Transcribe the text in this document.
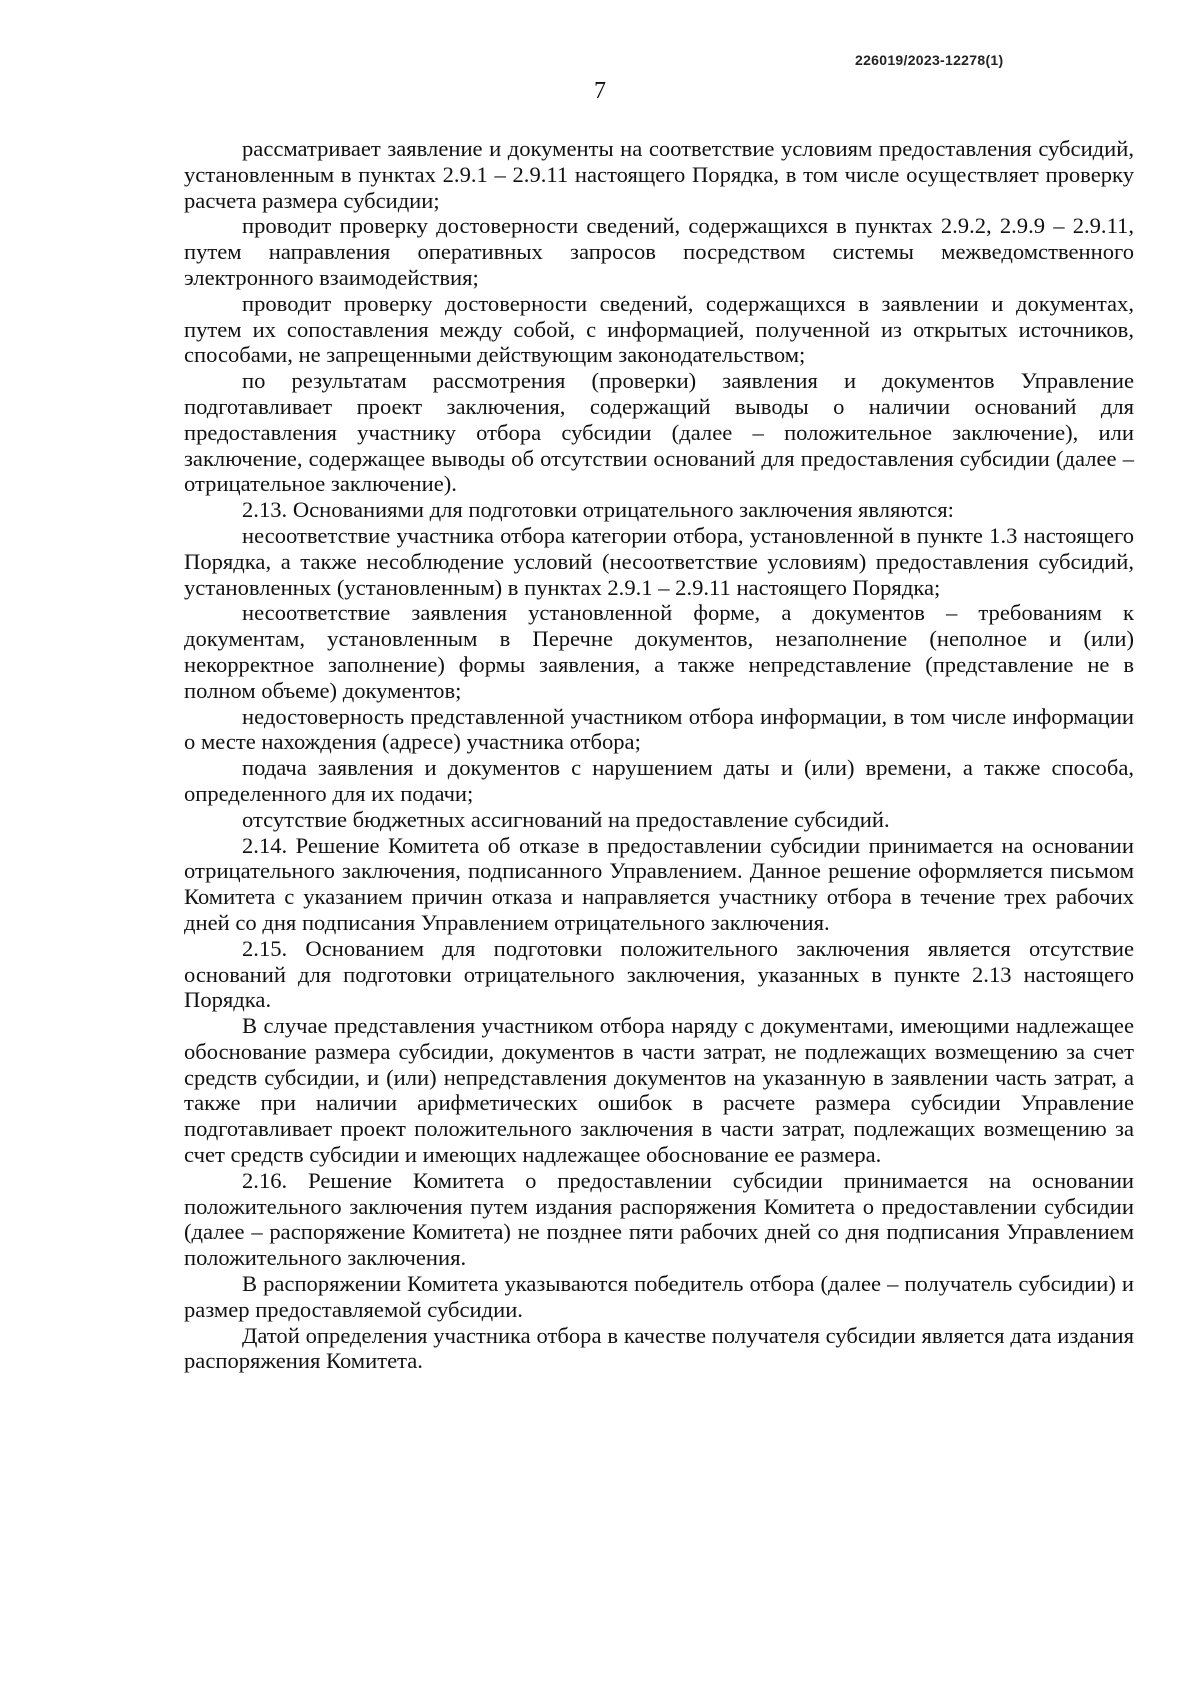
226019/2023-12278(1)
7

рассматривает заявление и документы на соответствие условиям предоставления субсидий, установленным в пунктах 2.9.1 – 2.9.11 настоящего Порядка, в том числе осуществляет проверку расчета размера субсидии;

проводит проверку достоверности сведений, содержащихся в пунктах 2.9.2, 2.9.9 – 2.9.11, путем направления оперативных запросов посредством системы межведомственного электронного взаимодействия;

проводит проверку достоверности сведений, содержащихся в заявлении и документах, путем их сопоставления между собой, с информацией, полученной из открытых источников, способами, не запрещенными действующим законодательством;

по результатам рассмотрения (проверки) заявления и документов Управление подготавливает проект заключения, содержащий выводы о наличии оснований для предоставления участнику отбора субсидии (далее – положительное заключение), или заключение, содержащее выводы об отсутствии оснований для предоставления субсидии (далее – отрицательное заключение).

2.13. Основаниями для подготовки отрицательного заключения являются:

несоответствие участника отбора категории отбора, установленной в пункте 1.3 настоящего Порядка, а также несоблюдение условий (несоответствие условиям) предоставления субсидий, установленных (установленным) в пунктах 2.9.1 – 2.9.11 настоящего Порядка;

несоответствие заявления установленной форме, а документов – требованиям к документам, установленным в Перечне документов, незаполнение (неполное и (или) некорректное заполнение) формы заявления, а также непредставление (представление не в полном объеме) документов;

недостоверность представленной участником отбора информации, в том числе информации о месте нахождения (адресе) участника отбора;

подача заявления и документов с нарушением даты и (или) времени, а также способа, определенного для их подачи;

отсутствие бюджетных ассигнований на предоставление субсидий.

2.14. Решение Комитета об отказе в предоставлении субсидии принимается на основании отрицательного заключения, подписанного Управлением. Данное решение оформляется письмом Комитета с указанием причин отказа и направляется участнику отбора в течение трех рабочих дней со дня подписания Управлением отрицательного заключения.

2.15. Основанием для подготовки положительного заключения является отсутствие оснований для подготовки отрицательного заключения, указанных в пункте 2.13 настоящего Порядка.

В случае представления участником отбора наряду с документами, имеющими надлежащее обоснование размера субсидии, документов в части затрат, не подлежащих возмещению за счет средств субсидии, и (или) непредставления документов на указанную в заявлении часть затрат, а также при наличии арифметических ошибок в расчете размера субсидии Управление подготавливает проект положительного заключения в части затрат, подлежащих возмещению за счет средств субсидии и имеющих надлежащее обоснование ее размера.

2.16. Решение Комитета о предоставлении субсидии принимается на основании положительного заключения путем издания распоряжения Комитета о предоставлении субсидии (далее – распоряжение Комитета) не позднее пяти рабочих дней со дня подписания Управлением положительного заключения.

В распоряжении Комитета указываются победитель отбора (далее – получатель субсидии) и размер предоставляемой субсидии.

Датой определения участника отбора в качестве получателя субсидии является дата издания распоряжения Комитета.
